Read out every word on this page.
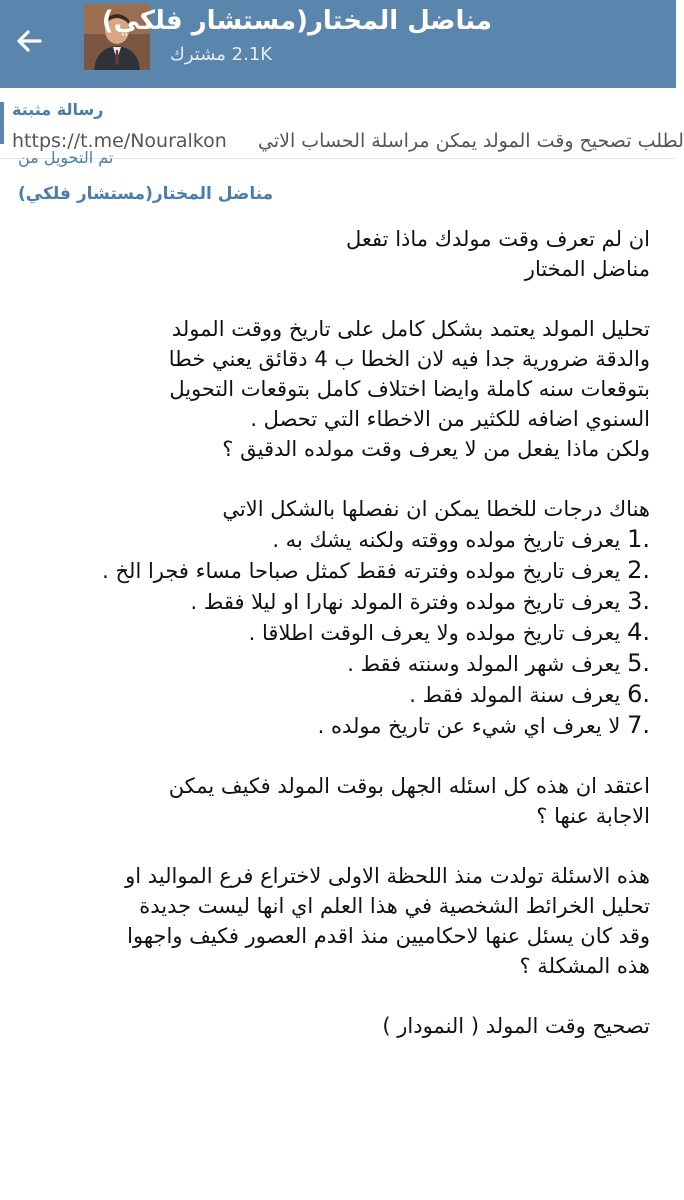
مناضل المختار(مستشار فلكي)
مشترك 2.1K
رسالة مثبتة
https://t.me/Nouralkon لطلب تصحيح وقت المولد يمكن مراسلة الحساب الاتي
تم التحويل من
مناضل المختار(مستشار فلكي)

ان لم تعرف وقت مولدك ماذا تفعل
مناضل المختار

تحليل المولد يعتمد بشكل كامل على تاريخ ووقت المولد
والدقة ضرورية جدا فيه لان الخطا ب 4 دقائق يعني خطا
بتوقعات سنه كاملة وايضا اختلاف كامل بتوقعات التحويل
السنوي اضافه للكثير من الاخطاء التي تحصل .
ولكن ماذا يفعل من لا يعرف وقت مولده الدقيق ؟

هناك درجات للخطا يمكن ان نفصلها بالشكل الاتي
1. يعرف تاريخ مولده ووقته ولكنه يشك به .
2. يعرف تاريخ مولده وفترته فقط كمثل صباحا مساء فجرا الخ .
3. يعرف تاريخ مولده وفترة المولد نهارا او ليلا فقط .
4. يعرف تاريخ مولده ولا يعرف الوقت اطلاقا .
5. يعرف شهر المولد وسنته فقط .
6. يعرف سنة المولد فقط .
7. لا يعرف اي شيء عن تاريخ مولده .

اعتقد ان هذه كل اسئله الجهل بوقت المولد فكيف يمكن
الاجابة عنها ؟

هذه الاسئلة تولدت منذ اللحظة الاولى لاختراع فرع المواليد او
تحليل الخرائط الشخصية في هذا العلم اي انها ليست جديدة
وقد كان يسئل عنها لاحكاميين منذ اقدم العصور فكيف واجهوا
هذه المشكلة ؟

تصحيح وقت المولد ( النمودار )
